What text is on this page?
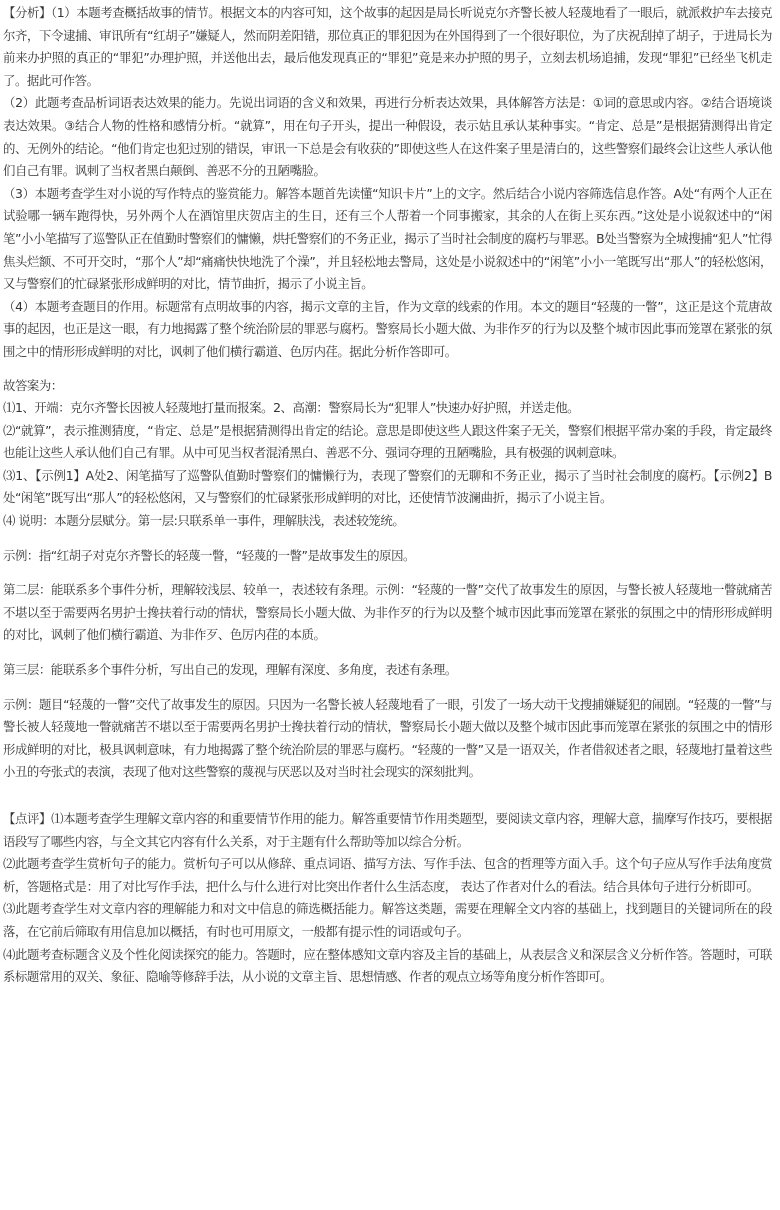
【分析】（1）本题考查概括故事的情节。根据文本的内容可知，这个故事的起因是局长听说克尔齐警长被人轻蔑地看了一眼后，就派救护车去接克尔齐，下令逮捕、审讯所有“红胡子”嫌疑人，然而阴差阳错，那位真正的罪犯因为在外国得到了一个很好职位，为了庆祝刮掉了胡子，于进局长为前来办护照的真正的“罪犯”办理护照，并送他出去，最后他发现真正的“罪犯”竟是来办护照的男子，立刻去机场追捕，发现“罪犯”已经坐飞机走了。据此可作答。

（2）此题考查品析词语表达效果的能力。先说出词语的含义和效果，再进行分析表达效果，具体解答方法是：①词的意思或内容。②结合语境谈表达效果。③结合人物的性格和感情分析。“就算”，用在句子开头，提出一种假设，表示姑且承认某种事实。“肯定、总是”是根据猜测得出肯定的、无例外的结论。“他们肯定也犯过别的错误，审讯一下总是会有收获的”即使这些人在这件案子里是清白的，这些警察们最终会让这些人承认他们自己有罪。讽刺了当权者黑白颠倒、善恶不分的丑陋嘴脸。

（3）本题考查学生对小说的写作特点的鉴赏能力。解答本题首先读懂“知识卡片”上的文字。然后结合小说内容筛选信息作答。A处“有两个人正在试验哪一辆车跑得快，另外两个人在酒馆里庆贺店主的生日，还有三个人帮着一个同事搬家，其余的人在街上买东西。”这处是小说叙述中的“闲笔”小小笔描写了巡警队正在值勤时警察们的慵懒，烘托警察们的不务正业，揭示了当时社会制度的腐朽与罪恶。B处当警察为全城搜捕“犯人”忙得焦头烂额、不可开交时，“那个人”却“痛痛快快地洗了个澡”，并且轻松地去警局，这处是小说叙述中的“闲笔”小小一笔既写出“那人”的轻松悠闲，又与警察们的忙碌紧张形成鲜明的对比，情节曲折，揭示了小说主旨。

（4）本题考查题目的作用。标题常有点明故事的内容，揭示文章的主旨，作为文章的线索的作用。本文的题目“轻蔑的一瞥”，这正是这个荒唐故事的起因，也正是这一眼，有力地揭露了整个统治阶层的罪恶与腐朽。警察局长小题大做、为非作歹的行为以及整个城市因此事而笼罩在紧张的氛围之中的情形形成鲜明的对比，讽刺了他们横行霸道、色厉内荏。据此分析作答即可。

故答案为：

⑴1、开端：克尔齐警长因被人轻蔑地打量而报案。2、高潮：警察局长为“犯罪人”快速办好护照，并送走他。

⑵“就算”，表示推测猜度，“肯定、总是”是根据猜测得出肯定的结论。意思是即使这些人跟这件案子无关，警察们根据平常办案的手段，肯定最终也能让这些人承认他们自己有罪。从中可见当权者混淆黑白、善恶不分、强词夺理的丑陋嘴脸，具有极强的讽刺意味。

⑶1、【示例1】A处2、闲笔描写了巡警队值勤时警察们的慵懒行为，表现了警察们的无聊和不务正业，揭示了当时社会制度的腐朽。【示例2】B处“闲笔”既写出“那人”的轻松悠闲，又与警察们的忙碌紧张形成鲜明的对比，还使情节波澜曲折，揭示了小说主旨。

⑷ 说明：本题分层赋分。第一层:只联系单一事件，理解肤浅，表述较笼统。

示例：指“红胡子对克尔齐警长的轻蔑一瞥，“轻蔑的一瞥”是故事发生的原因。

第二层：能联系多个事件分析，理解较浅层、较单一，表述较有条理。示例：“轻蔑的一瞥”交代了故事发生的原因，与警长被人轻蔑地一瞥就痛苦不堪以至于需要两名男护士搀扶着行动的情状，警察局长小题大做、为非作歹的行为以及整个城市因此事而笼罩在紧张的氛围之中的情形形成鲜明的对比，讽刺了他们横行霸道、为非作歹、色厉内荏的本质。

第三层：能联系多个事件分析，写出自己的发现，理解有深度、多角度，表述有条理。

示例：题目“轻蔑的一瞥”交代了故事发生的原因。只因为一名警长被人轻蔑地看了一眼，引发了一场大动干戈搜捕嫌疑犯的闹剧。“轻蔑的一瞥”与警长被人轻蔑地一瞥就痛苦不堪以至于需要两名男护士搀扶着行动的情状，警察局长小题大做以及整个城市因此事而笼罩在紧张的氛围之中的情形形成鲜明的对比，极具讽刺意味，有力地揭露了整个统治阶层的罪恶与腐朽。“轻蔑的一瞥”又是一语双关，作者借叙述者之眼，轻蔑地打量着这些小丑的夸张式的表演，表现了他对这些警察的蔑视与厌恶以及对当时社会现实的深刻批判。

【点评】⑴本题考查学生理解文章内容的和重要情节作用的能力。解答重要情节作用类题型，要阅读文章内容，理解大意，揣摩写作技巧，要根据语段写了哪些内容，与全文其它内容有什么关系，对于主题有什么帮助等加以综合分析。

⑵此题考查学生赏析句子的能力。赏析句子可以从修辞、重点词语、描写方法、写作手法、包含的哲理等方面入手。这个句子应从写作手法角度赏析，答题格式是：用了对比写作手法，把什么与什么进行对比突出作者什么生活态度， 表达了作者对什么的看法。结合具体句子进行分析即可。

⑶此题考查学生对文章内容的理解能力和对文中信息的筛选概括能力。解答这类题，需要在理解全文内容的基础上，找到题目的关键词所在的段落，在它前后筛取有用信息加以概括，有时也可用原文，一般都有提示性的词语或句子。

⑷此题考查标题含义及个性化阅读探究的能力。答题时，应在整体感知文章内容及主旨的基础上，从表层含义和深层含义分析作答。答题时，可联系标题常用的双关、象征、隐喻等修辞手法，从小说的文章主旨、思想情感、作者的观点立场等角度分析作答即可。
